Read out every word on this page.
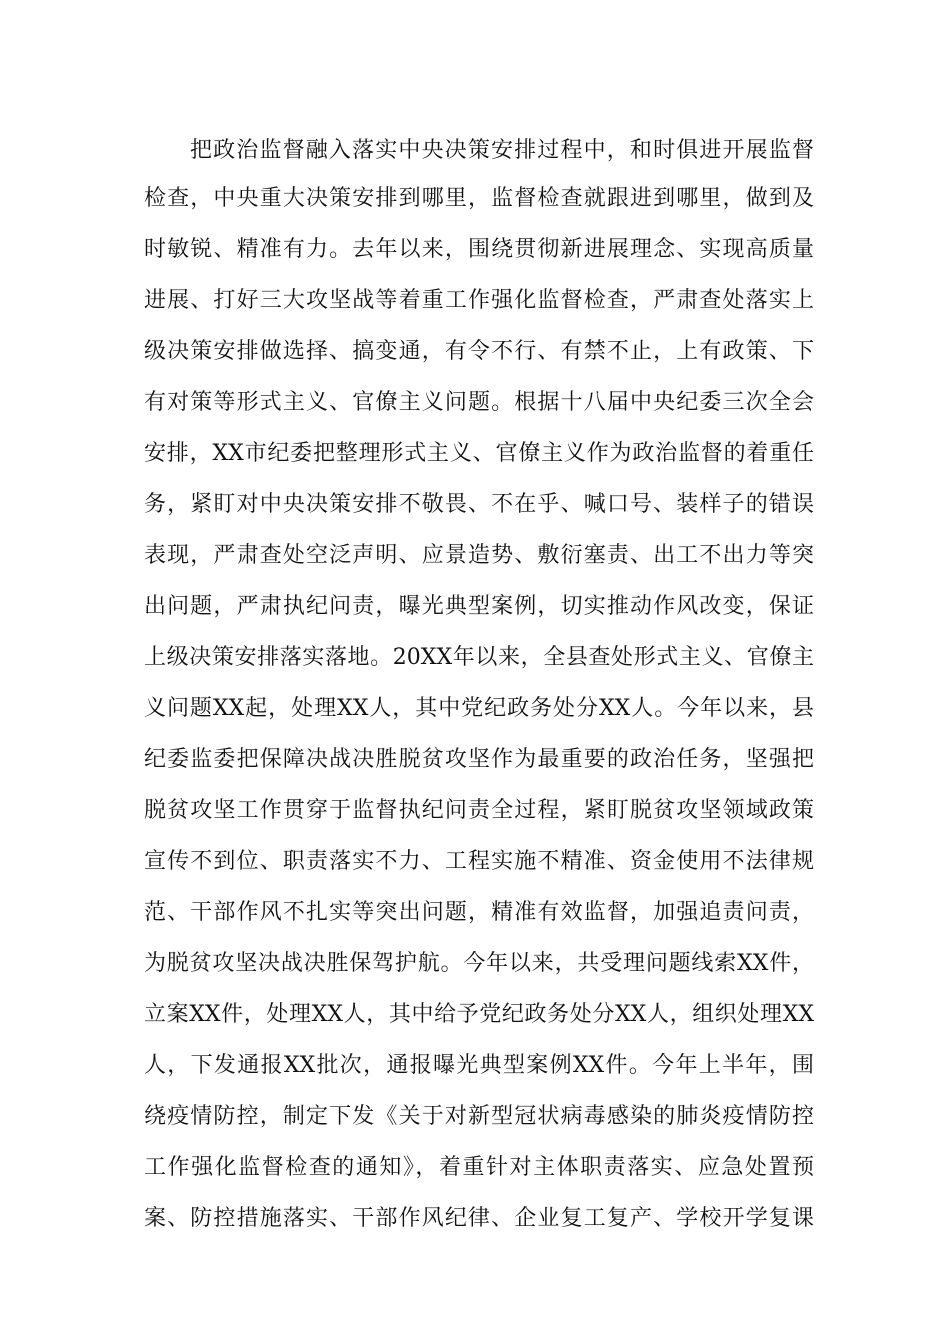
把政治监督融入落实中央决策安排过程中，和时俱进开展监督
检查，中央重大决策安排到哪里，监督检查就跟进到哪里，做到及
时敏锐、精准有力。去年以来，围绕贯彻新进展理念、实现高质量
进展、打好三大攻坚战等着重工作强化监督检查，严肃查处落实上
级决策安排做选择、搞变通，有令不行、有禁不止，上有政策、下
有对策等形式主义、官僚主义问题。根据十八届中央纪委三次全会
安排，XX市纪委把整理形式主义、官僚主义作为政治监督的着重任
务，紧盯对中央决策安排不敬畏、不在乎、喊口号、装样子的错误
表现，严肃查处空泛声明、应景造势、敷衍塞责、出工不出力等突
出问题，严肃执纪问责，曝光典型案例，切实推动作风改变，保证
上级决策安排落实落地。20XX年以来，全县查处形式主义、官僚主
义问题XX起，处理XX人，其中党纪政务处分XX人。今年以来，县
纪委监委把保障决战决胜脱贫攻坚作为最重要的政治任务，坚强把
脱贫攻坚工作贯穿于监督执纪问责全过程，紧盯脱贫攻坚领域政策
宣传不到位、职责落实不力、工程实施不精准、资金使用不法律规
范、干部作风不扎实等突出问题，精准有效监督，加强追责问责，
为脱贫攻坚决战决胜保驾护航。今年以来，共受理问题线索XX件，
立案XX件，处理XX人，其中给予党纪政务处分XX人，组织处理XX
人，下发通报XX批次，通报曝光典型案例XX件。今年上半年，围
绕疫情防控，制定下发《关于对新型冠状病毒感染的肺炎疫情防控
工作强化监督检查的通知》，着重针对主体职责落实、应急处置预
案、防控措施落实、干部作风纪律、企业复工复产、学校开学复课
